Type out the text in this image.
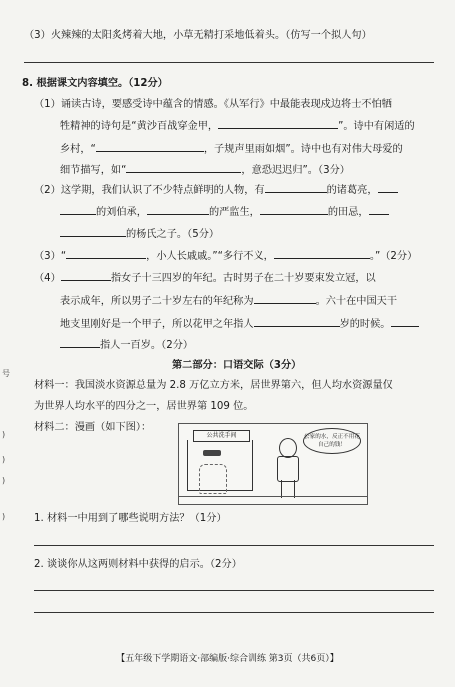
号
)
)
)
)
（3）火辣辣的太阳炙烤着大地，小草无精打采地低着头。（仿写一个拟人句）
8. 根据课文内容填空。（12分）
（1）诵读古诗，要感受诗中蕴含的情感。《从军行》中最能表现戍边将士不怕牺
牲精神的诗句是“黄沙百战穿金甲，	”。诗中有闲适的
乡村，“	，子规声里雨如烟”。诗中也有对伟大母爱的
细节描写，如“	，意恐迟迟归”。（3分）
（2）这学期，我们认识了不少特点鲜明的人物，有	的诸葛亮，
的刘伯承，	的严监生，	的田忌，
的杨氏之子。（5分）
（3）“	，小人长戚戚。”“多行不义，	。”（2分）
（4）	指女子十三四岁的年纪。古时男子在二十岁要束发立冠，以
表示成年，所以男子二十岁左右的年纪称为	。六十在中国天干
地支里刚好是一个甲子，所以花甲之年指人	岁的时候。
指人一百岁。（2分）
第二部分：口语交际（3分）
材料一：我国淡水资源总量为 2.8 万亿立方米，居世界第六，但人均水资源量仅
为世界人均水平的四分之一，居世界第 109 位。
材料二：漫画（如下图）：
公共洗手间	公家的水，反正不用花自己的钱！
1. 材料一中用到了哪些说明方法？（1分）
2. 谈谈你从这两则材料中获得的启示。（2分）
【五年级下学期语文·部编版·综合训练 第3页（共6页）】
